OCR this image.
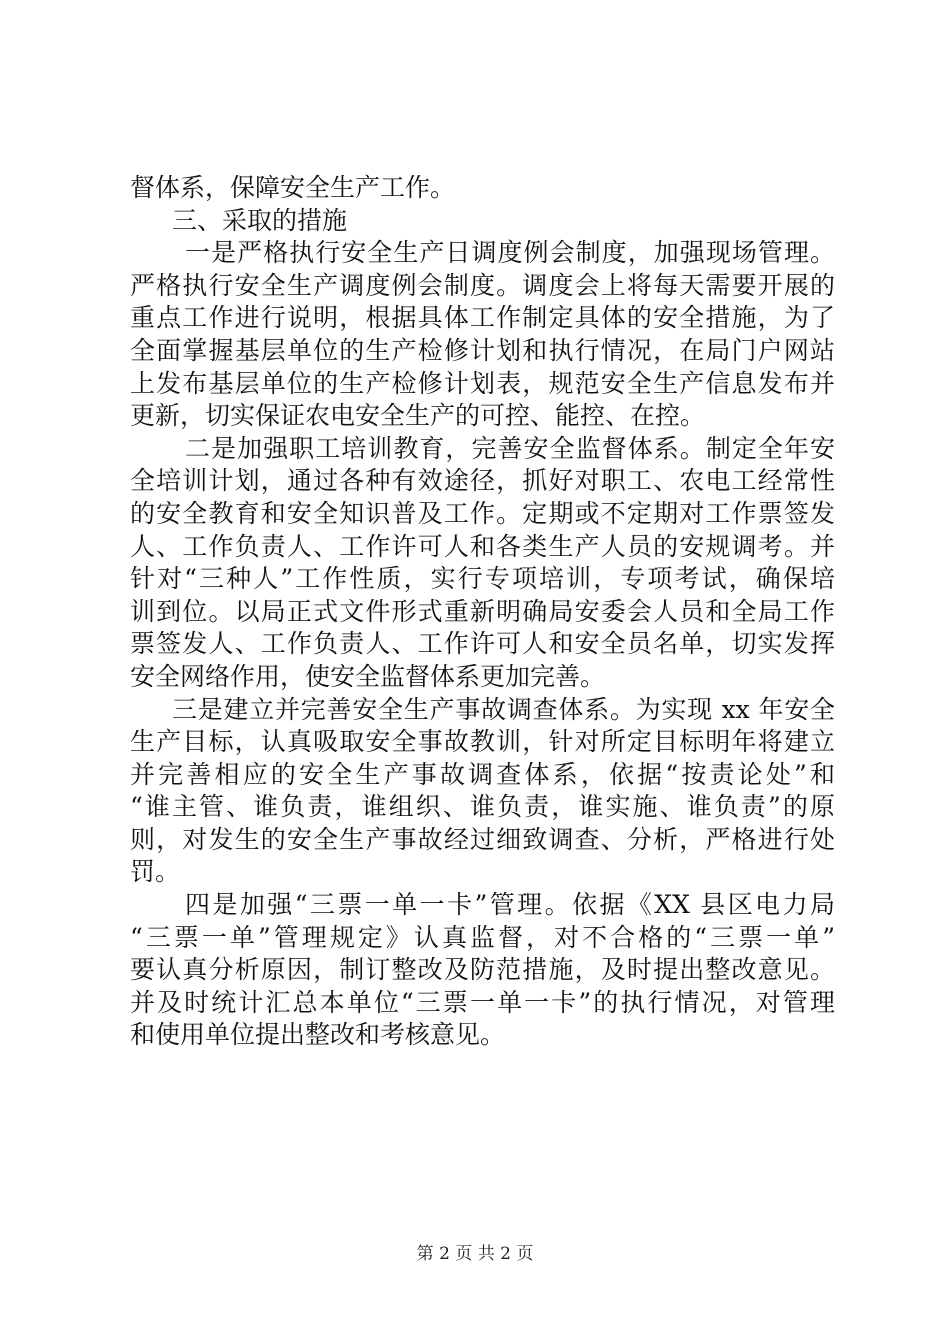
督体系，保障安全生产工作。
三、采取的措施
一是严格执行安全生产日调度例会制度，加强现场管理。
严格执行安全生产调度例会制度。调度会上将每天需要开展的
重点工作进行说明，根据具体工作制定具体的安全措施，为了
全面掌握基层单位的生产检修计划和执行情况，在局门户网站
上发布基层单位的生产检修计划表，规范安全生产信息发布并
更新，切实保证农电安全生产的可控、能控、在控。
二是加强职工培训教育，完善安全监督体系。制定全年安
全培训计划，通过各种有效途径，抓好对职工、农电工经常性
的安全教育和安全知识普及工作。定期或不定期对工作票签发
人、工作负责人、工作许可人和各类生产人员的安规调考。并
针对“三种人”工作性质，实行专项培训，专项考试，确保培
训到位。以局正式文件形式重新明确局安委会人员和全局工作
票签发人、工作负责人、工作许可人和安全员名单，切实发挥
安全网络作用，使安全监督体系更加完善。
三是建立并完善安全生产事故调查体系。为实现 xx 年安全
生产目标，认真吸取安全事故教训，针对所定目标明年将建立
并完善相应的安全生产事故调查体系，依据“按责论处”和
“谁主管、谁负责，谁组织、谁负责，谁实施、谁负责”的原
则，对发生的安全生产事故经过细致调查、分析，严格进行处
罚。
四是加强“三票一单一卡”管理。依据《XX 县区电力局
“三票一单”管理规定》认真监督，对不合格的“三票一单”
要认真分析原因，制订整改及防范措施，及时提出整改意见。
并及时统计汇总本单位“三票一单一卡”的执行情况，对管理
和使用单位提出整改和考核意见。
第 2 页 共 2 页
